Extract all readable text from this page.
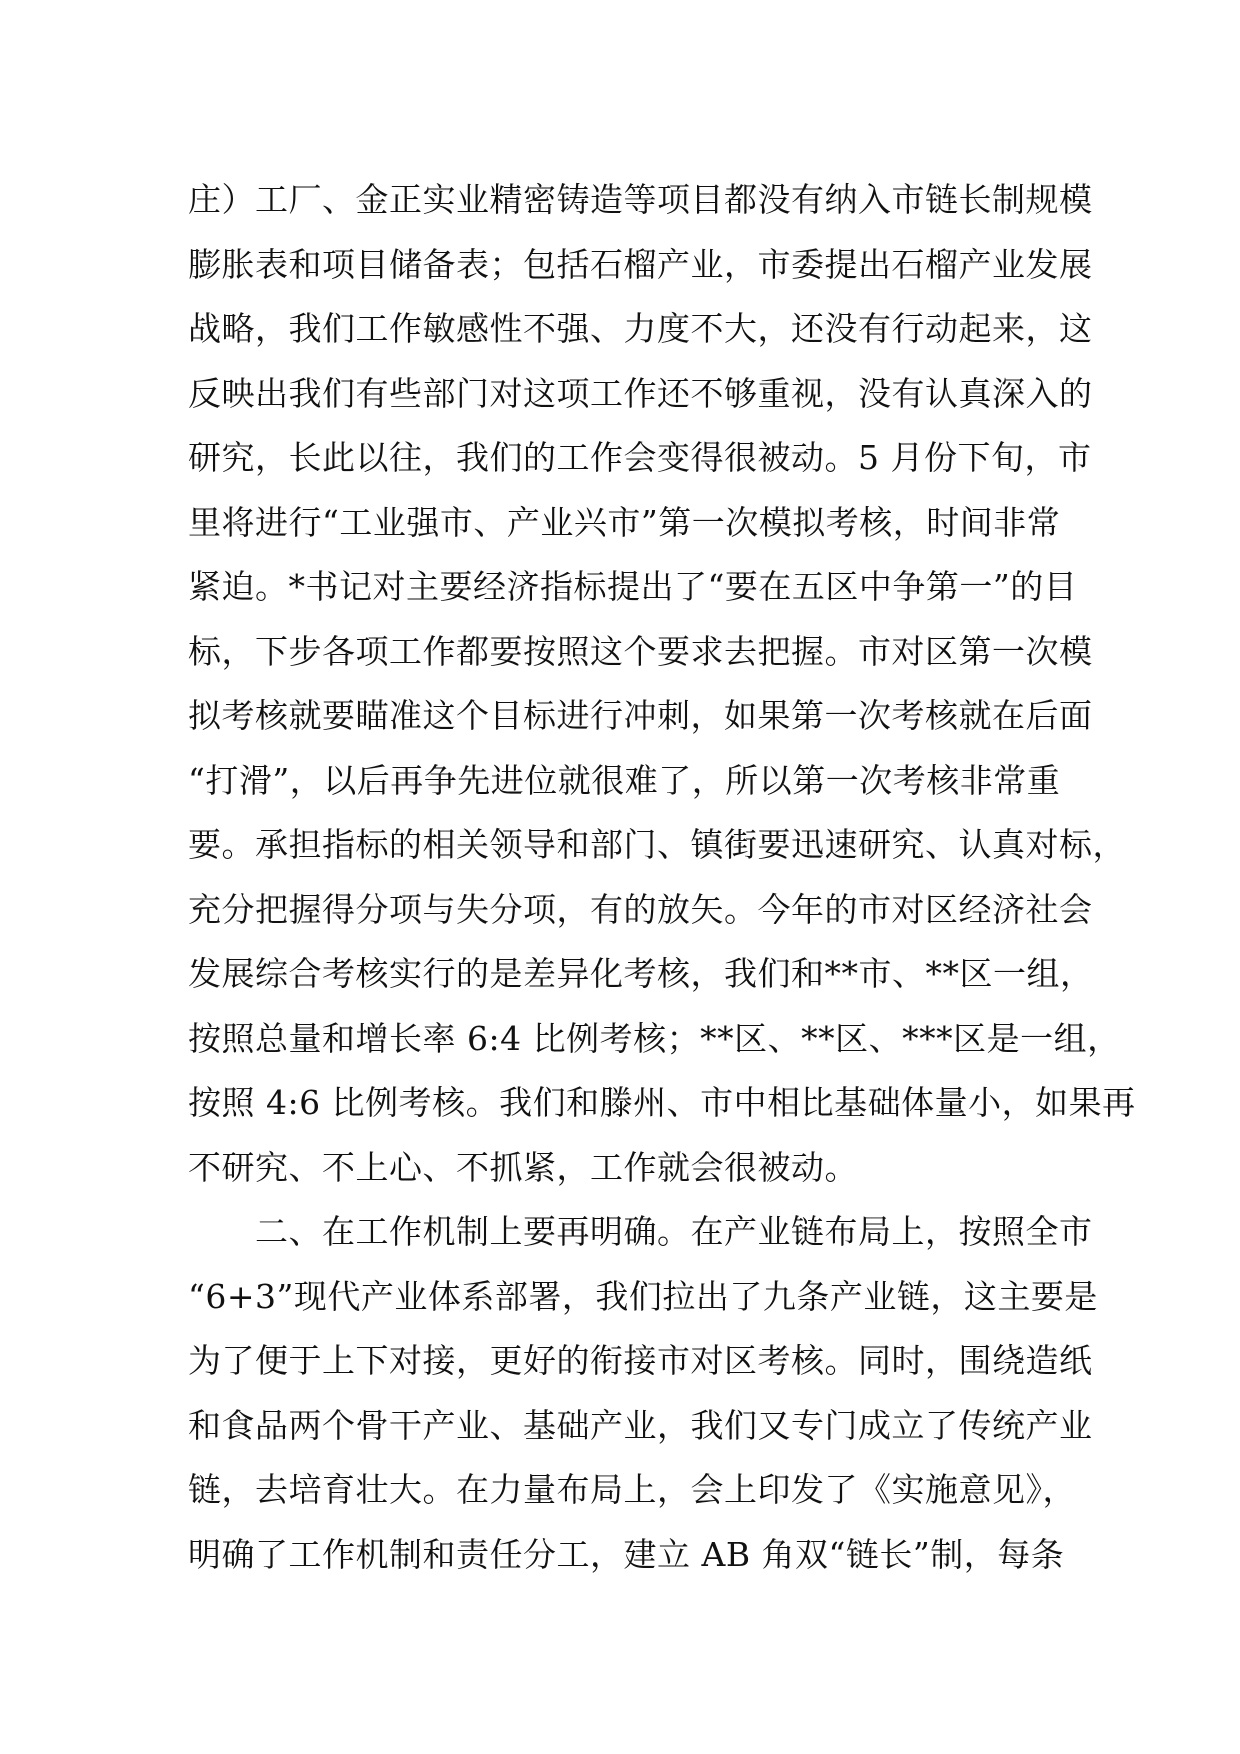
庄）工厂、金正实业精密铸造等项目都没有纳入市链长制规模
膨胀表和项目储备表；包括石榴产业，市委提出石榴产业发展
战略，我们工作敏感性不强、力度不大，还没有行动起来，这
反映出我们有些部门对这项工作还不够重视，没有认真深入的
研究，长此以往，我们的工作会变得很被动。5 月份下旬，市
里将进行“工业强市、产业兴市”第一次模拟考核，时间非常
紧迫。*书记对主要经济指标提出了“要在五区中争第一”的目
标，下步各项工作都要按照这个要求去把握。市对区第一次模
拟考核就要瞄准这个目标进行冲刺，如果第一次考核就在后面
“打滑”，以后再争先进位就很难了，所以第一次考核非常重
要。承担指标的相关领导和部门、镇街要迅速研究、认真对标，
充分把握得分项与失分项，有的放矢。今年的市对区经济社会
发展综合考核实行的是差异化考核，我们和**市、**区一组，
按照总量和增长率 6:4 比例考核；**区、**区、***区是一组，
按照 4:6 比例考核。我们和滕州、市中相比基础体量小，如果再
不研究、不上心、不抓紧，工作就会很被动。
　　二、在工作机制上要再明确。在产业链布局上，按照全市
“6+3”现代产业体系部署，我们拉出了九条产业链，这主要是
为了便于上下对接，更好的衔接市对区考核。同时，围绕造纸
和食品两个骨干产业、基础产业，我们又专门成立了传统产业
链，去培育壮大。在力量布局上，会上印发了《实施意见》，
明确了工作机制和责任分工，建立 AB 角双“链长”制，每条
